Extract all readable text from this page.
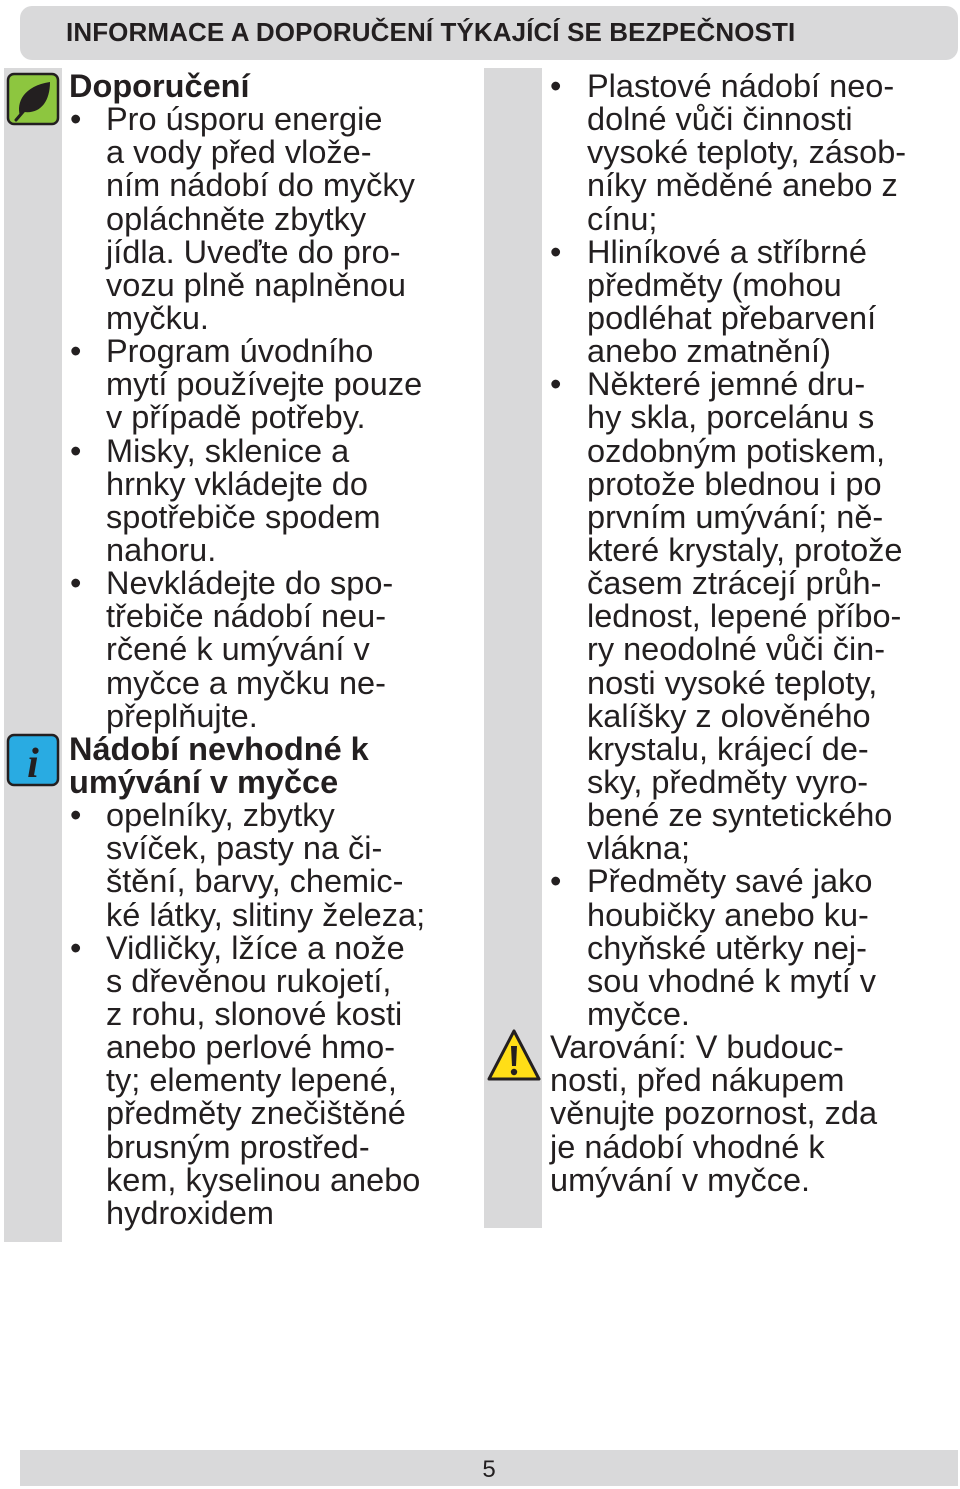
INFORMACE A DOPORUČENÍ TÝKAJÍCÍ SE BEZPEČNOSTI
i
Doporučení
• Pro úsporu energie
a vody před vlože-
ním nádobí do myčky
opláchněte zbytky
jídla. Uveďte do pro-
vozu plně naplněnou
myčku.
• Program úvodního
mytí používejte pouze
v případě potřeby.
• Misky, sklenice a
hrnky vkládejte do
spotřebiče spodem
nahoru.
• Nevkládejte do spo-
třebiče nádobí neu-
rčené k umývání v
myčce a myčku ne-
přeplňujte.
Nádobí nevhodné k
umývání v myčce
• opelníky, zbytky
svíček, pasty na či-
štění, barvy, chemic-
ké látky, slitiny železa;
• Vidličky, lžíce a nože
s dřevěnou rukojetí,
z rohu, slonové kosti
anebo perlové hmo-
ty; elementy lepené,
předměty znečištěné
brusným prostřed-
kem, kyselinou anebo
hydroxidem
• Plastové nádobí neo-
dolné vůči činnosti
vysoké teploty, zásob-
níky měděné anebo z
cínu;
• Hliníkové a stříbrné
předměty (mohou
podléhat přebarvení
anebo zmatnění)
• Některé jemné dru-
hy skla, porcelánu s
ozdobným potiskem,
protože blednou i po
prvním umývání; ně-
které krystaly, protože
časem ztrácejí průh-
lednost, lepené příbo-
ry neodolné vůči čin-
nosti vysoké teploty,
kalíšky z olověného
krystalu, krájecí de-
sky, předměty vyro-
bené ze syntetického
vlákna;
• Předměty savé jako
houbičky anebo ku-
chyňské utěrky nej-
sou vhodné k mytí v
myčce.
Varování: V budouc-
nosti, před nákupem
věnujte pozornost, zda
je nádobí vhodné k
umývání v myčce.
5
